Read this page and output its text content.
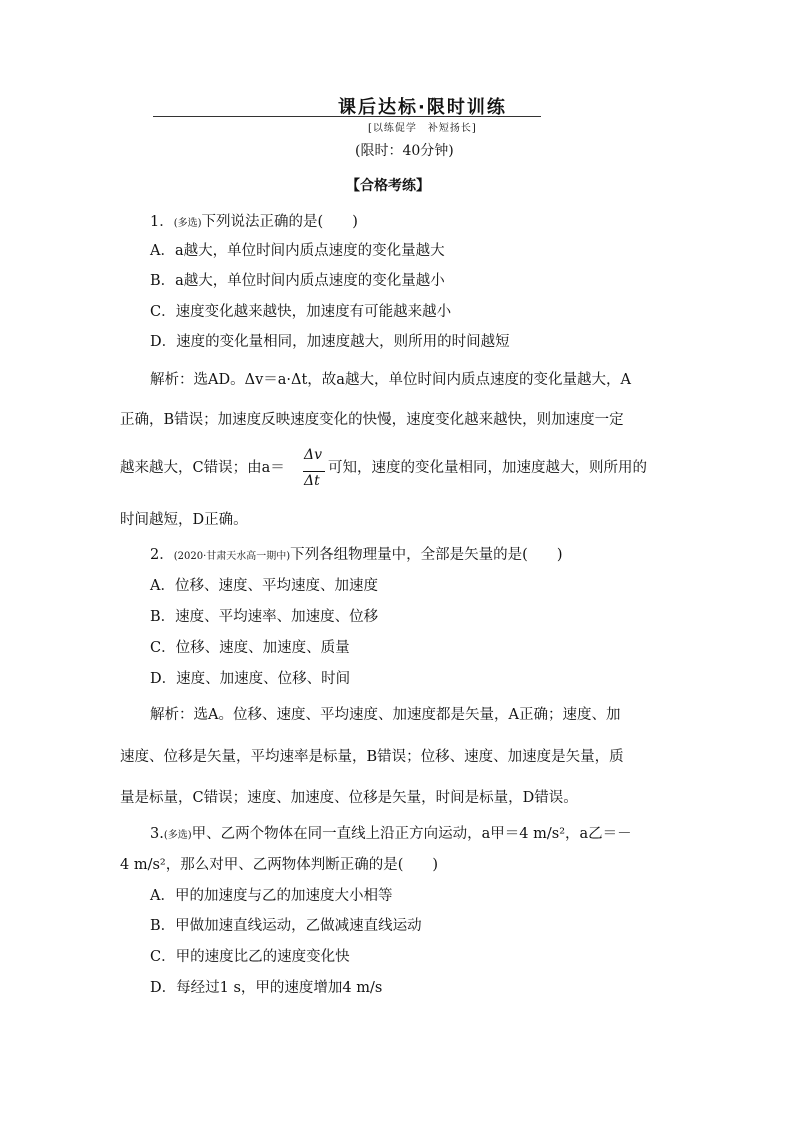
课后达标·限时训练
[以练促学　补短扬长]
(限时：40分钟)
【合格考练】
1．(多选)下列说法正确的是(　　)
A．a越大，单位时间内质点速度的变化量越大
B．a越大，单位时间内质点速度的变化量越小
C．速度变化越来越快，加速度有可能越来越小
D．速度的变化量相同，加速度越大，则所用的时间越短
解析：选AD。Δv＝a·Δt，故a越大，单位时间内质点速度的变化量越大，A
正确，B错误；加速度反映速度变化的快慢，速度变化越来越快，则加速度一定
越来越大，C错误；由a＝
Δv
Δt
可知，速度的变化量相同，加速度越大，则所用的
时间越短，D正确。
2．(2020·甘肃天水高一期中)下列各组物理量中，全部是矢量的是(　　)
A．位移、速度、平均速度、加速度
B．速度、平均速率、加速度、位移
C．位移、速度、加速度、质量
D．速度、加速度、位移、时间
解析：选A。位移、速度、平均速度、加速度都是矢量，A正确；速度、加
速度、位移是矢量，平均速率是标量，B错误；位移、速度、加速度是矢量，质
量是标量，C错误；速度、加速度、位移是矢量，时间是标量，D错误。
3.(多选)甲、乙两个物体在同一直线上沿正方向运动，a甲＝4 m/s²，a乙＝－
4 m/s²，那么对甲、乙两物体判断正确的是(　　)
A．甲的加速度与乙的加速度大小相等
B．甲做加速直线运动，乙做减速直线运动
C．甲的速度比乙的速度变化快
D．每经过1 s，甲的速度增加4 m/s
